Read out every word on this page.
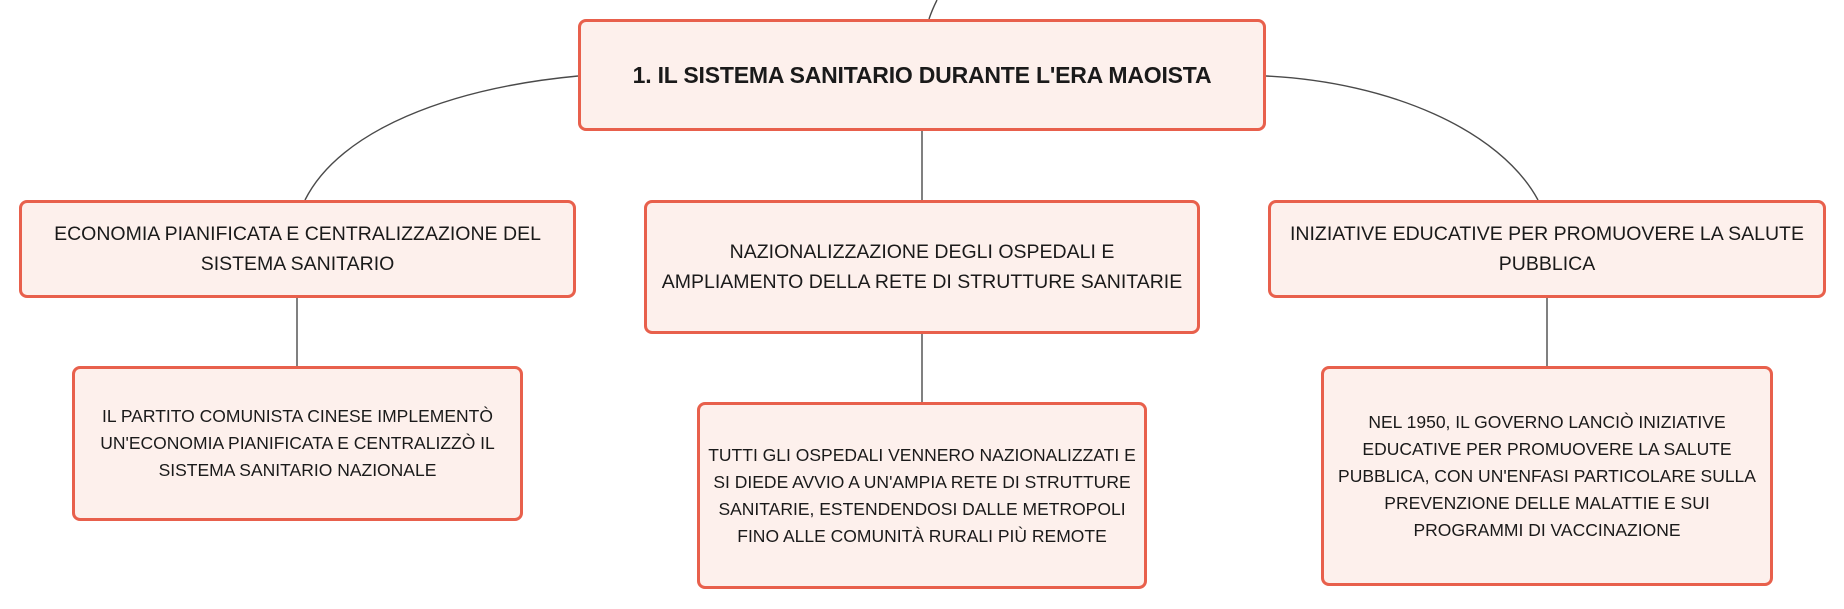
1. IL SISTEMA SANITARIO DURANTE L'ERA MAOISTA
ECONOMIA PIANIFICATA E CENTRALIZZAZIONE DEL SISTEMA SANITARIO
NAZIONALIZZAZIONE DEGLI OSPEDALI E AMPLIAMENTO DELLA RETE DI STRUTTURE SANITARIE
INIZIATIVE EDUCATIVE PER PROMUOVERE LA SALUTE PUBBLICA
IL PARTITO COMUNISTA CINESE IMPLEMENTÒ UN'ECONOMIA PIANIFICATA E CENTRALIZZÒ IL SISTEMA SANITARIO NAZIONALE
TUTTI GLI OSPEDALI VENNERO NAZIONALIZZATI E SI DIEDE AVVIO A UN'AMPIA RETE DI STRUTTURE SANITARIE, ESTENDENDOSI DALLE METROPOLI FINO ALLE COMUNITÀ RURALI PIÙ REMOTE
NEL 1950, IL GOVERNO LANCIÒ INIZIATIVE EDUCATIVE PER PROMUOVERE LA SALUTE PUBBLICA, CON UN'ENFASI PARTICOLARE SULLA PREVENZIONE DELLE MALATTIE E SUI PROGRAMMI DI VACCINAZIONE
